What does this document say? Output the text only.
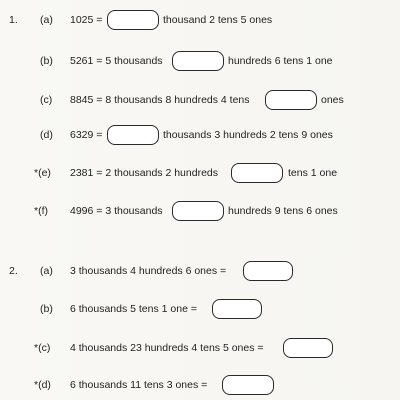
1. (a) 1025 =	thousand 2 tens 5 ones
(b) 5261 = 5 thousands	hundreds 6 tens 1 one
(c) 8845 = 8 thousands 8 hundreds 4 tens	ones
(d) 6329 =	thousands 3 hundreds 2 tens 9 ones
*(e) 2381 = 2 thousands 2 hundreds	tens 1 one
*(f) 4996 = 3 thousands	hundreds 9 tens 6 ones
2. (a) 3 thousands 4 hundreds 6 ones =
(b) 6 thousands 5 tens 1 one =
*(c) 4 thousands 23 hundreds 4 tens 5 ones =
*(d) 6 thousands 11 tens 3 ones =
